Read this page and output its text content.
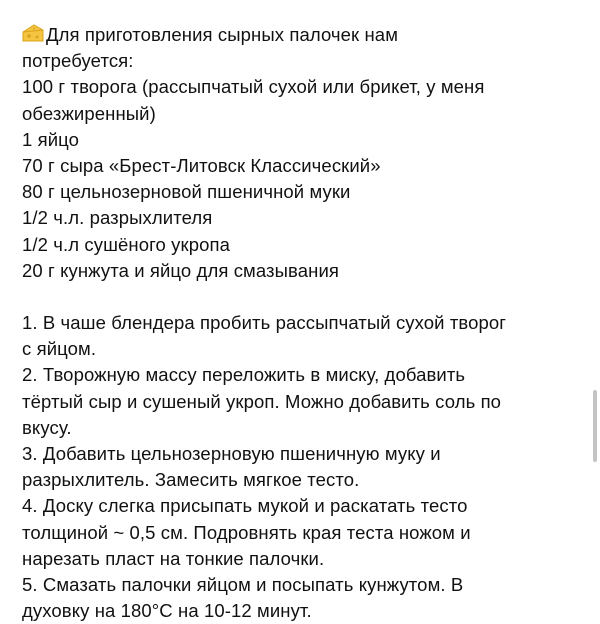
Для приготовления сырных палочек нам
потребуется:
100 г творога (рассыпчатый сухой или брикет, у меня
обезжиренный)
1 яйцо
70 г сыра «Брест-Литовск Классический»
80 г цельнозерновой пшеничной муки
1/2 ч.л. разрыхлителя
1/2 ч.л сушёного укропа
20 г кунжута и яйцо для смазывания
1. В чаше блендера пробить рассыпчатый сухой творог
с яйцом.
2. Творожную массу переложить в миску, добавить
тёртый сыр и сушеный укроп. Можно добавить соль по
вкусу.
3. Добавить цельнозерновую пшеничную муку и
разрыхлитель. Замесить мягкое тесто.
4. Доску слегка присыпать мукой и раскатать тесто
толщиной ~ 0,5 см. Подровнять края теста ножом и
нарезать пласт на тонкие палочки.
5. Смазать палочки яйцом и посыпать кунжутом. В
духовку на 180°С на 10-12 минут.
